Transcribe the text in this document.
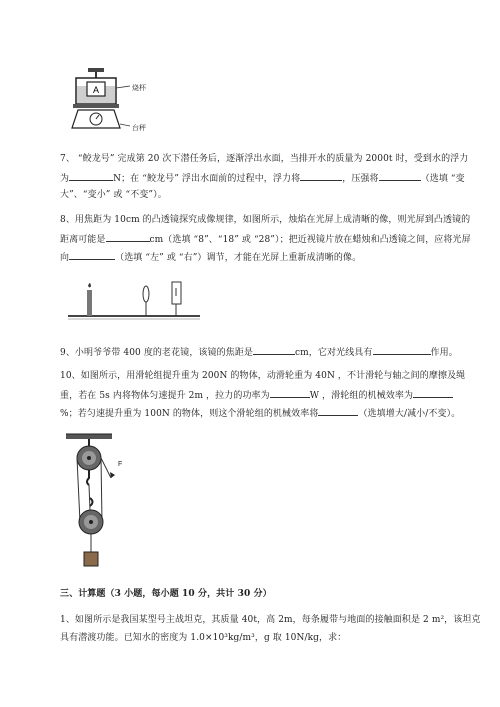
A	烧杯
台秤
7、 “鲛龙号” 完成第 20 次下潜任务后，逐渐浮出水面，当排开水的质量为 2000t 时，受到水的浮力
为	N；在 “鲛龙号” 浮出水面前的过程中，浮力将	，压强将	（选填 “变
大”、“变小” 或 “不变”）。
8、用焦距为 10cm 的凸透镜探究成像规律，如图所示，烛焰在光屏上成清晰的像，则光屏到凸透镜的
距离可能是	cm（选填 “8”、“18” 或 “28”）；把近视镜片放在蜡烛和凸透镜之间，应将光屏
向	（选填 “左” 或 “右”）调节，才能在光屏上重新成清晰的像。
9、小明爷爷带 400 度的老花镜，该镜的焦距是	cm，它对光线具有	作用。
10、如图所示，用滑轮组提升重为 200N 的物体，动滑轮重为 40N ，不计滑轮与轴之间的摩擦及绳
重，若在 5s 内将物体匀速提升 2m ，拉力的功率为	W ，滑轮组的机械效率为
%；若匀速提升重为 100N 的物体，则这个滑轮组的机械效率将	（选填增大/减小/不变）。
F
三、计算题（3 小题，每小题 10 分，共计 30 分）
1、如图所示是我国某型号主战坦克，其质量 40t，高 2m，每条履带与地面的接触面积是 2 m²，该坦克
具有潜渡功能。已知水的密度为 1.0×10³kg/m³，g 取 10N/kg，求：
